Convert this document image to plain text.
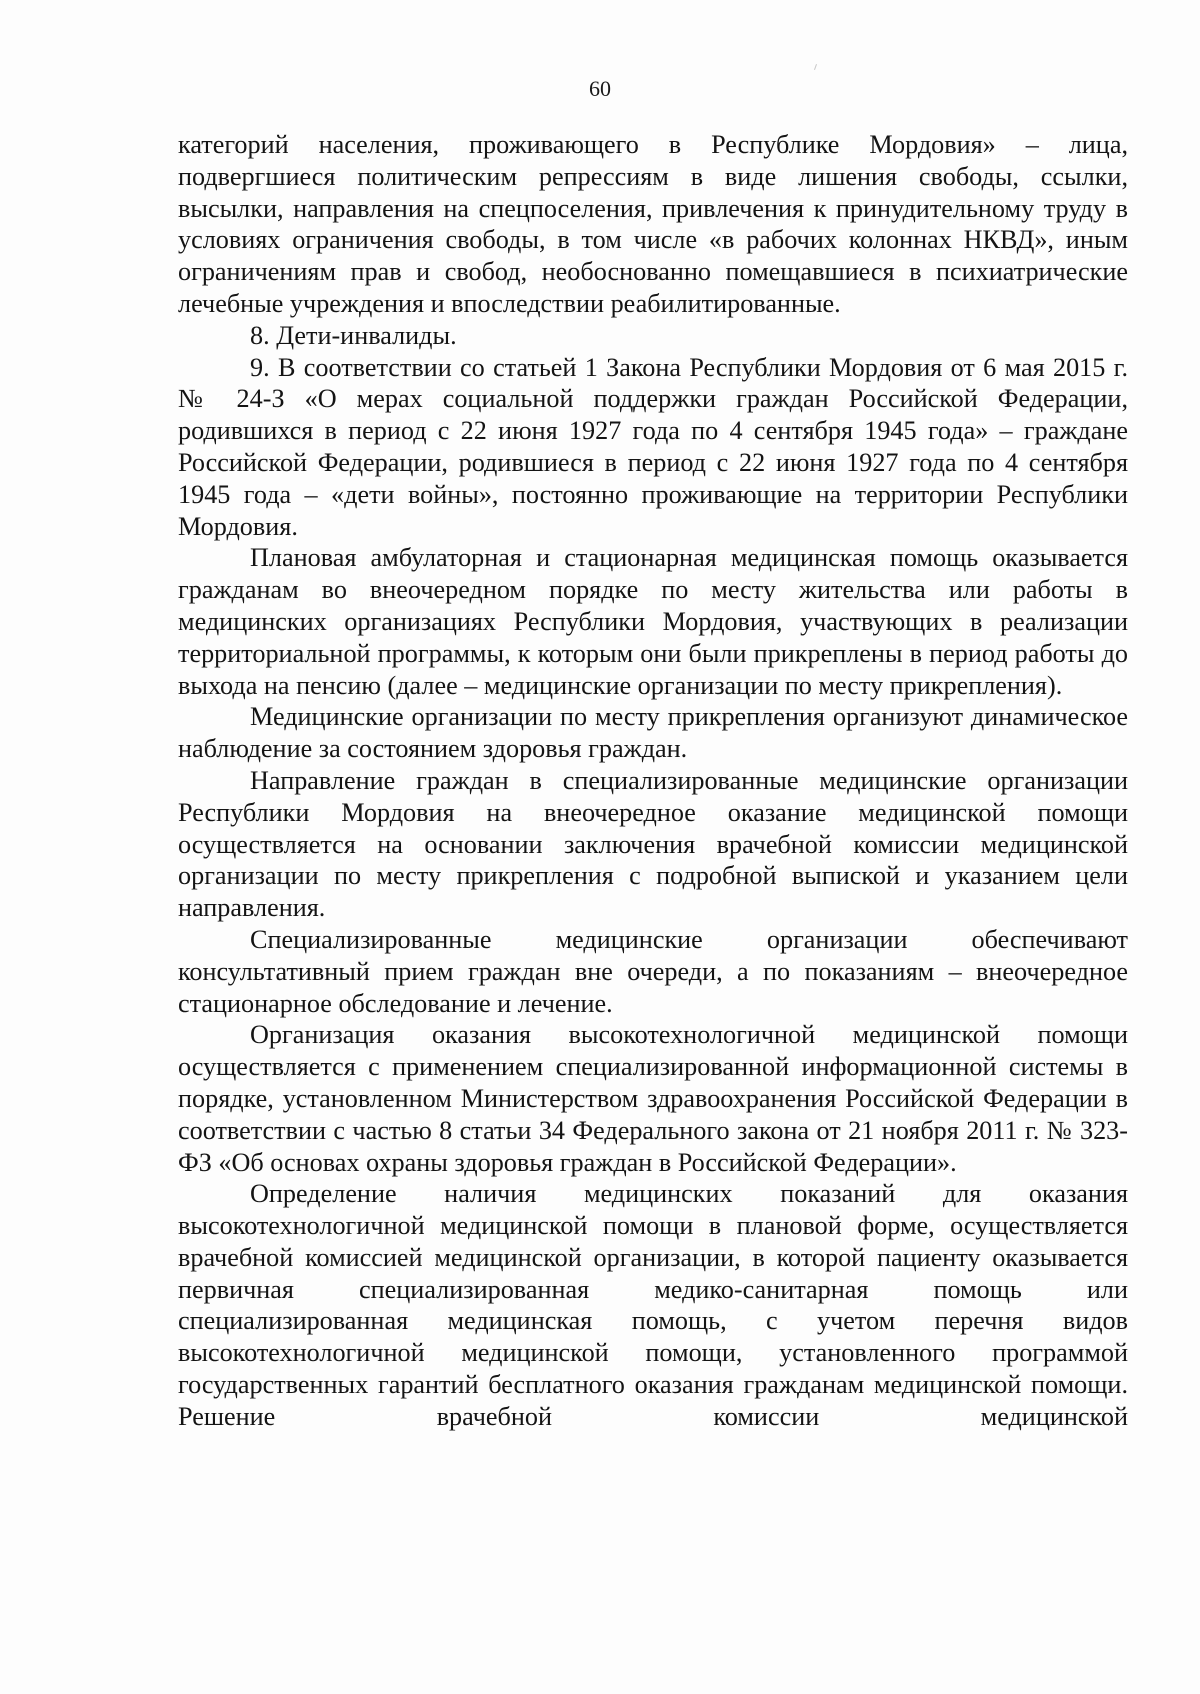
60

категорий населения, проживающего в Республике Мордовия» – лица, подвергшиеся политическим репрессиям в виде лишения свободы, ссылки, высылки, направления на спецпоселения, привлечения к принудительному труду в условиях ограничения свободы, в том числе «в рабочих колоннах НКВД», иным ограничениям прав и свобод, необоснованно помещавшиеся в психиатрические лечебные учреждения и впоследствии реабилитированные.

8. Дети-инвалиды.

9. В соответствии со статьей 1 Закона Республики Мордовия от 6 мая 2015 г. № 24-З «О мерах социальной поддержки граждан Российской Федерации, родившихся в период с 22 июня 1927 года по 4 сентября 1945 года» – граждане Российской Федерации, родившиеся в период с 22 июня 1927 года по 4 сентября 1945 года – «дети войны», постоянно проживающие на территории Республики Мордовия.

Плановая амбулаторная и стационарная медицинская помощь оказывается гражданам во внеочередном порядке по месту жительства или работы в медицинских организациях Республики Мордовия, участвующих в реализации территориальной программы, к которым они были прикреплены в период работы до выхода на пенсию (далее – медицинские организации по месту прикрепления).

Медицинские организации по месту прикрепления организуют динамическое наблюдение за состоянием здоровья граждан.

Направление граждан в специализированные медицинские организации Республики Мордовия на внеочередное оказание медицинской помощи осуществляется на основании заключения врачебной комиссии медицинской организации по месту прикрепления с подробной выпиской и указанием цели направления.

Специализированные медицинские организации обеспечивают консультативный прием граждан вне очереди, а по показаниям – внеочередное стационарное обследование и лечение.

Организация оказания высокотехнологичной медицинской помощи осуществляется с применением специализированной информационной системы в порядке, установленном Министерством здравоохранения Российской Федерации в соответствии с частью 8 статьи 34 Федерального закона от 21 ноября 2011 г. № 323-ФЗ «Об основах охраны здоровья граждан в Российской Федерации».

Определение наличия медицинских показаний для оказания высокотехнологичной медицинской помощи в плановой форме, осуществляется врачебной комиссией медицинской организации, в которой пациенту оказывается первичная специализированная медико-санитарная помощь или специализированная медицинская помощь, с учетом перечня видов высокотехнологичной медицинской помощи, установленного программой государственных гарантий бесплатного оказания гражданам медицинской помощи. Решение врачебной комиссии медицинской
